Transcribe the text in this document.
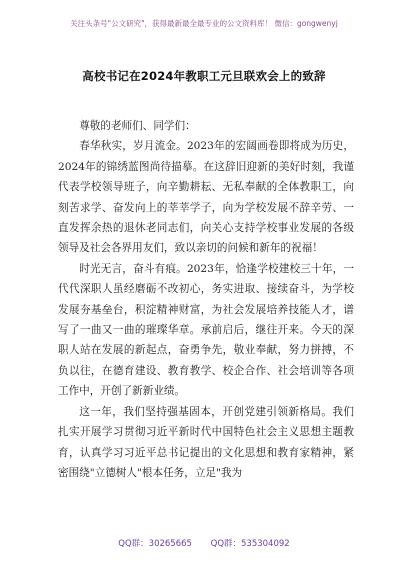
关注头条号"公文研究"，获得最新最全最专业的公文资料库！ 微信：gongwenyj
高校书记在2024年教职工元旦联欢会上的致辞

尊敬的老师们、同学们：

春华秋实，岁月流金。2023年的宏阔画卷即将成为历史，2024年的锦绣蓝图尚待描摹。在这辞旧迎新的美好时刻，我谨代表学校领导班子，向辛勤耕耘、无私奉献的全体教职工，向刻苦求学、奋发向上的莘莘学子，向为学校发展不辞辛劳、一直发挥余热的退休老同志们，向关心支持学校事业发展的各级领导及社会各界用友们，致以亲切的问候和新年的祝福！

时光无言，奋斗有痕。2023年，恰逢学校建校三十年，一代代深职人虽经磨砺不改初心，务实进取、接续奋斗，为学校发展夯基垒台，积淀精神财富，为社会发展培养技能人才，谱写了一曲又一曲的璀璨华章。承前启后，继往开来。今天的深职人站在发展的新起点，奋勇争先，敬业奉献，努力拼搏，不负以往，在德育建设、教育教学、校企合作、社会培训等各项工作中，开创了新新业绩。

这一年，我们坚持强基固本，开创党建引领新格局。我们扎实开展学习贯彻习近平新时代中国特色社会主义思想主题教育，认真学习习近平总书记提出的文化思想和教育家精神，紧密围绕"立德树人"根本任务，立足"我为

QQ群：30265665 QQ群：535304092
